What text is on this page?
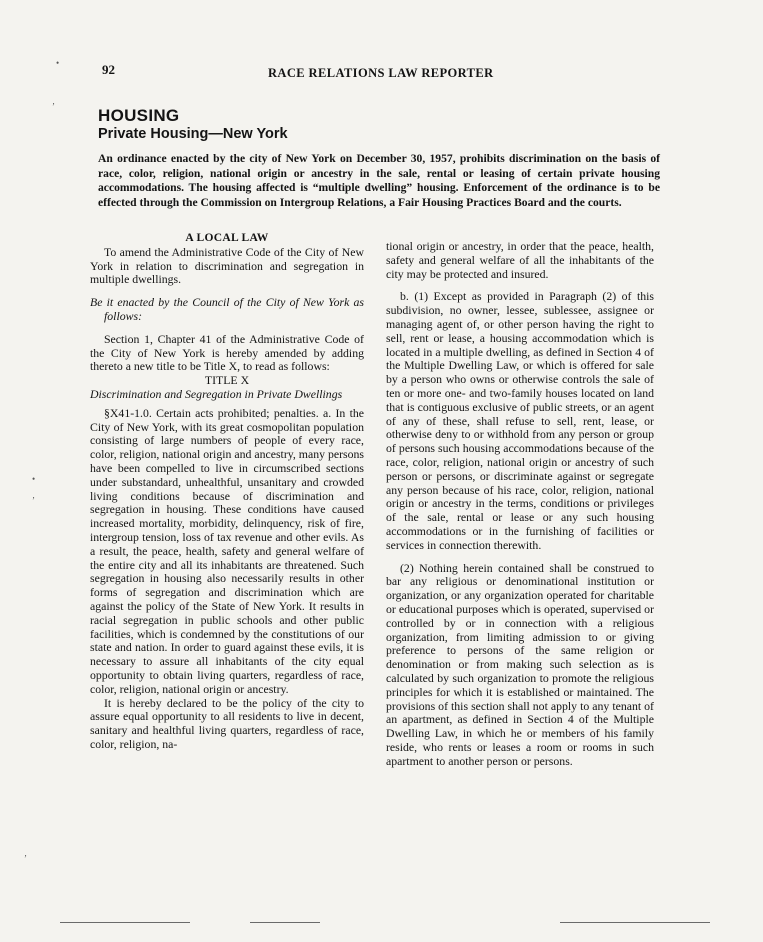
•
‚
•
‚
‚
92	RACE RELATIONS LAW REPORTER
HOUSING
Private Housing—New York
An ordinance enacted by the city of New York on December 30, 1957, prohibits discrimination on the basis of race, color, religion, national origin or ancestry in the sale, rental or leasing of certain private housing accommodations. The housing affected is “multiple dwelling” housing. Enforcement of the ordinance is to be effected through the Commission on Intergroup Relations, a Fair Housing Practices Board and the courts.

A LOCAL LAW

To amend the Administrative Code of the City of New York in relation to discrimination and segregation in multiple dwellings.

Be it enacted by the Council of the City of New York as follows:

Section 1, Chapter 41 of the Administrative Code of the City of New York is hereby amended by adding thereto a new title to be Title X, to read as follows:

TITLE X

Discrimination and Segregation in Private Dwellings

§X41-1.0. Certain acts prohibited; penalties. a. In the City of New York, with its great cosmopolitan population consisting of large numbers of people of every race, color, religion, national origin and ancestry, many persons have been compelled to live in circumscribed sections under substandard, unhealthful, unsanitary and crowded living conditions because of discrimination and segregation in housing. These conditions have caused increased mortality, morbidity, delinquency, risk of fire, intergroup tension, loss of tax revenue and other evils. As a result, the peace, health, safety and general welfare of the entire city and all its inhabitants are threatened. Such segregation in housing also necessarily results in other forms of segregation and discrimination which are against the policy of the State of New York. It results in racial segregation in public schools and other public facilities, which is condemned by the constitutions of our state and nation. In order to guard against these evils, it is necessary to assure all inhabitants of the city equal opportunity to obtain living quarters, regardless of race, color, religion, national origin or ancestry.

It is hereby declared to be the policy of the city to assure equal opportunity to all residents to live in decent, sanitary and healthful living quarters, regardless of race, color, religion, na-

tional origin or ancestry, in order that the peace, health, safety and general welfare of all the inhabitants of the city may be protected and insured.

b. (1) Except as provided in Paragraph (2) of this subdivision, no owner, lessee, sublessee, assignee or managing agent of, or other person having the right to sell, rent or lease, a housing accommodation which is located in a multiple dwelling, as defined in Section 4 of the Multiple Dwelling Law, or which is offered for sale by a person who owns or otherwise controls the sale of ten or more one- and two-family houses located on land that is contiguous exclusive of public streets, or an agent of any of these, shall refuse to sell, rent, lease, or otherwise deny to or withhold from any person or group of persons such housing accommodations because of the race, color, religion, national origin or ancestry of such person or persons, or discriminate against or segregate any person because of his race, color, religion, national origin or ancestry in the terms, conditions or privileges of the sale, rental or lease or any such housing accommodations or in the furnishing of facilities or services in connection therewith.

(2) Nothing herein contained shall be construed to bar any religious or denominational institution or organization, or any organization operated for charitable or educational purposes which is operated, supervised or controlled by or in connection with a religious organization, from limiting admission to or giving preference to persons of the same religion or denomination or from making such selection as is calculated by such organization to promote the religious principles for which it is established or maintained. The provisions of this section shall not apply to any tenant of an apartment, as defined in Section 4 of the Multiple Dwelling Law, in which he or members of his family reside, who rents or leases a room or rooms in such apartment to another person or persons.
